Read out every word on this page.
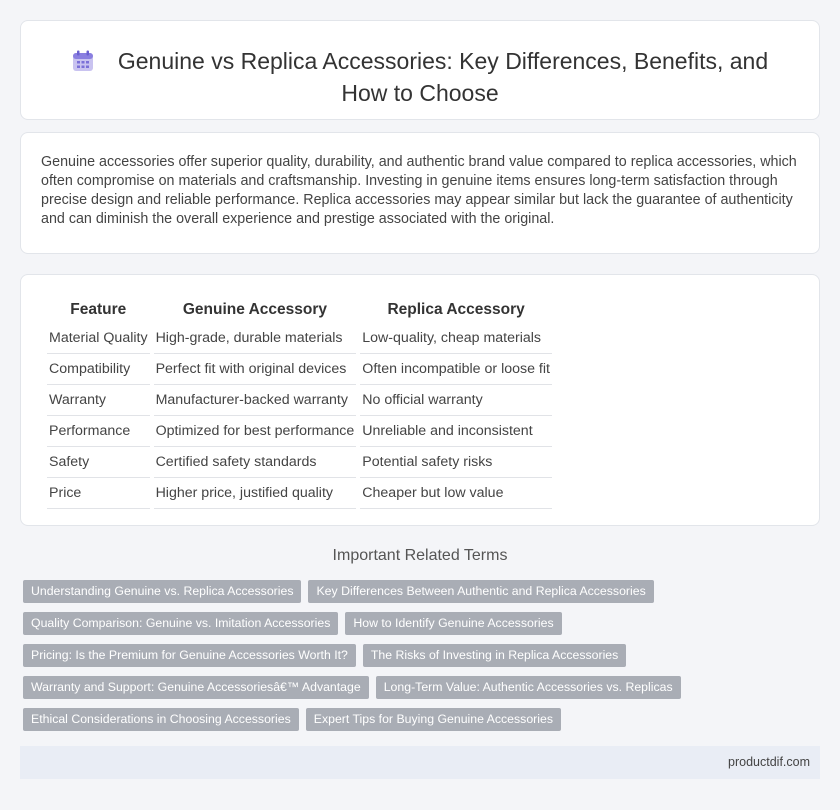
Genuine vs Replica Accessories: Key Differences, Benefits, and How to Choose

Genuine accessories offer superior quality, durability, and authentic brand value compared to replica accessories, which often compromise on materials and craftsmanship. Investing in genuine items ensures long-term satisfaction through precise design and reliable performance. Replica accessories may appear similar but lack the guarantee of authenticity and can diminish the overall experience and prestige associated with the original.

Feature	Genuine Accessory	Replica Accessory
Material Quality	High-grade, durable materials	Low-quality, cheap materials
Compatibility	Perfect fit with original devices	Often incompatible or loose fit
Warranty	Manufacturer-backed warranty	No official warranty
Performance	Optimized for best performance	Unreliable and inconsistent
Safety	Certified safety standards	Potential safety risks
Price	Higher price, justified quality	Cheaper but low value
Important Related Terms
Understanding Genuine vs. Replica Accessories	Key Differences Between Authentic and Replica Accessories
Quality Comparison: Genuine vs. Imitation Accessories	How to Identify Genuine Accessories
Pricing: Is the Premium for Genuine Accessories Worth It?	The Risks of Investing in Replica Accessories
Warranty and Support: Genuine Accessoriesâ€™ Advantage	Long-Term Value: Authentic Accessories vs. Replicas
Ethical Considerations in Choosing Accessories	Expert Tips for Buying Genuine Accessories
productdif.com
